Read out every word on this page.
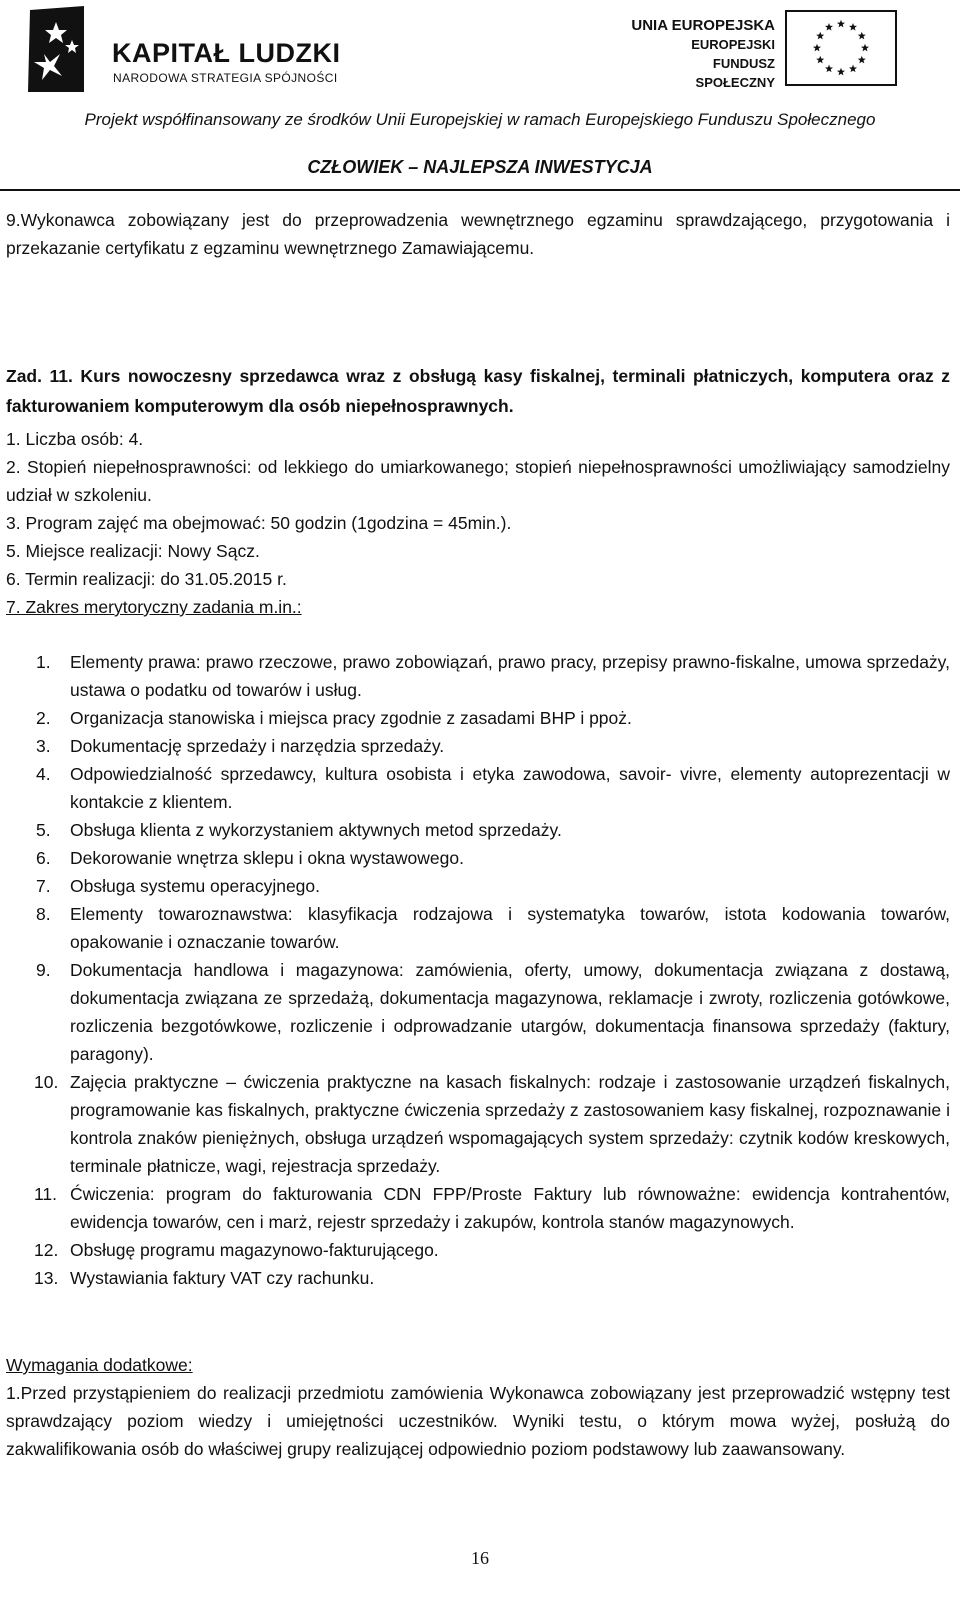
KAPITAŁ LUDZKI
NARODOWA STRATEGIA SPÓJNOŚCI
UNIA EUROPEJSKA
EUROPEJSKI
FUNDUSZ SPOŁECZNY
Projekt współfinansowany ze środków Unii Europejskiej w ramach Europejskiego Funduszu Społecznego
CZŁOWIEK – NAJLEPSZA INWESTYCJA
9.Wykonawca zobowiązany jest do przeprowadzenia wewnętrznego egzaminu sprawdzającego, przygotowania i przekazanie certyfikatu z egzaminu wewnętrznego Zamawiającemu.
Zad. 11. Kurs nowoczesny sprzedawca wraz z obsługą kasy fiskalnej, terminali płatniczych, komputera oraz z fakturowaniem komputerowym dla osób niepełnosprawnych.
1. Liczba osób: 4.
2. Stopień niepełnosprawności: od lekkiego do umiarkowanego; stopień niepełnosprawności umożliwiający samodzielny udział w szkoleniu.
3. Program zajęć ma obejmować: 50 godzin (1godzina = 45min.).
5. Miejsce realizacji: Nowy Sącz.
6. Termin realizacji: do 31.05.2015 r.
7. Zakres merytoryczny zadania m.in.:
1. Elementy prawa: prawo rzeczowe, prawo zobowiązań, prawo pracy, przepisy prawno-fiskalne, umowa sprzedaży, ustawa o podatku od towarów i usług.
2. Organizacja stanowiska i miejsca pracy zgodnie z zasadami BHP i ppoż.
3. Dokumentację sprzedaży i narzędzia sprzedaży.
4. Odpowiedzialność sprzedawcy, kultura osobista i etyka zawodowa, savoir- vivre, elementy autoprezentacji w kontakcie z klientem.
5. Obsługa klienta z wykorzystaniem aktywnych metod sprzedaży.
6. Dekorowanie wnętrza sklepu i okna wystawowego.
7. Obsługa systemu operacyjnego.
8. Elementy towaroznawstwa: klasyfikacja rodzajowa i systematyka towarów, istota kodowania towarów, opakowanie i oznaczanie towarów.
9. Dokumentacja handlowa i magazynowa: zamówienia, oferty, umowy, dokumentacja związana z dostawą, dokumentacja związana ze sprzedażą, dokumentacja magazynowa, reklamacje i zwroty, rozliczenia gotówkowe, rozliczenia bezgotówkowe, rozliczenie i odprowadzanie utargów, dokumentacja finansowa sprzedaży (faktury, paragony).
10. Zajęcia praktyczne – ćwiczenia praktyczne na kasach fiskalnych: rodzaje i zastosowanie urządzeń fiskalnych, programowanie kas fiskalnych, praktyczne ćwiczenia sprzedaży z zastosowaniem kasy fiskalnej, rozpoznawanie i kontrola znaków pieniężnych, obsługa urządzeń wspomagających system sprzedaży: czytnik kodów kreskowych, terminale płatnicze, wagi, rejestracja sprzedaży.
11. Ćwiczenia: program do fakturowania CDN FPP/Proste Faktury lub równoważne: ewidencja kontrahentów, ewidencja towarów, cen i marż, rejestr sprzedaży i zakupów, kontrola stanów magazynowych.
12. Obsługę programu magazynowo-fakturującego.
13. Wystawiania faktury VAT czy rachunku.
Wymagania dodatkowe:
1.Przed przystąpieniem do realizacji przedmiotu zamówienia Wykonawca zobowiązany jest przeprowadzić wstępny test sprawdzający poziom wiedzy i umiejętności uczestników. Wyniki testu, o którym mowa wyżej, posłużą do zakwalifikowania osób do właściwej grupy realizującej odpowiednio poziom podstawowy lub zaawansowany.
16
